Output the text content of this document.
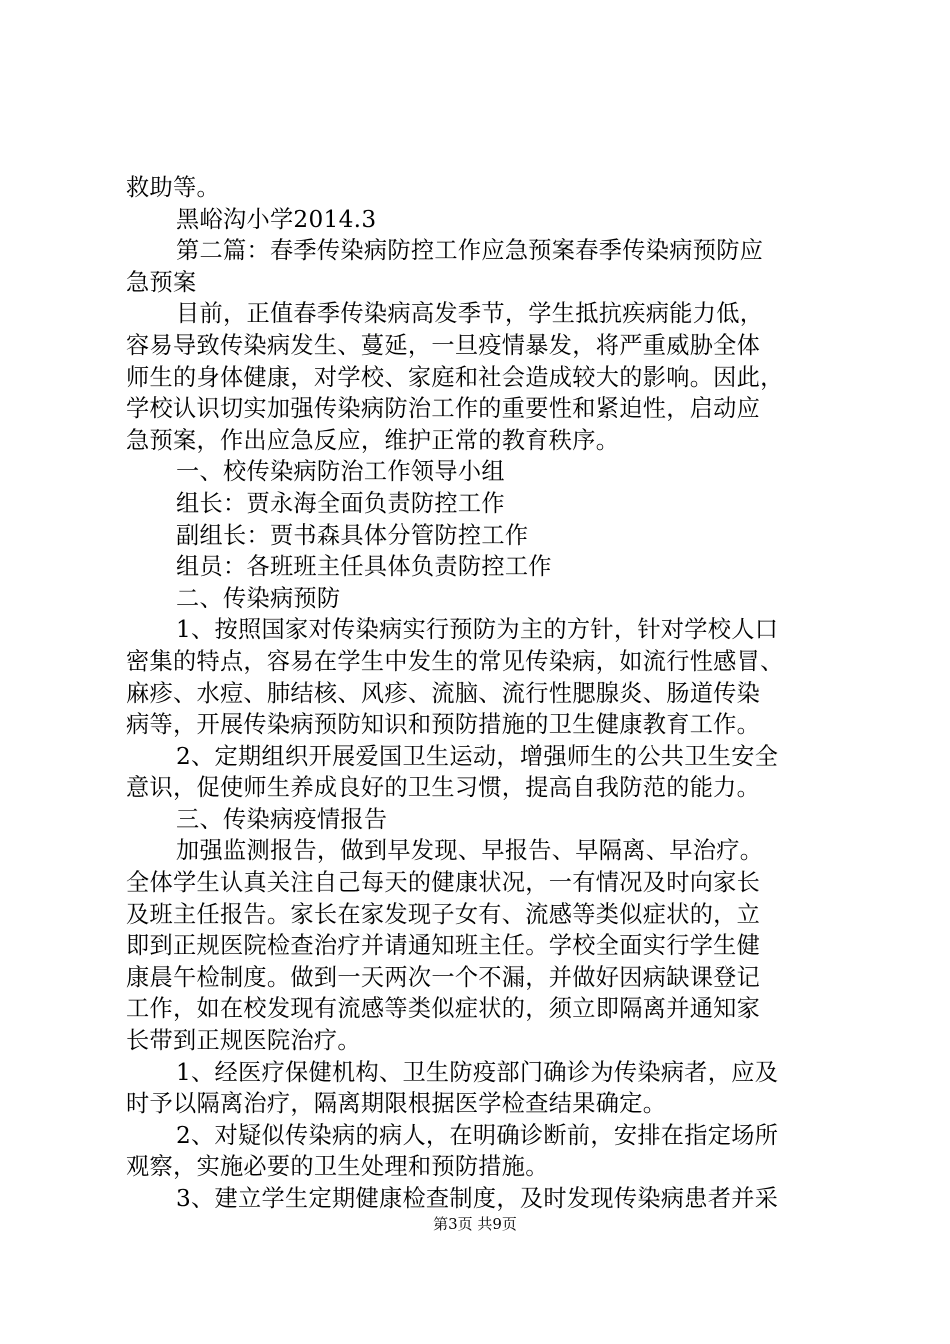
救助等。
黑峪沟小学2014.3
第二篇：春季传染病防控工作应急预案春季传染病预防应
急预案
目前，正值春季传染病高发季节，学生抵抗疾病能力低，
容易导致传染病发生、蔓延，一旦疫情暴发，将严重威胁全体
师生的身体健康，对学校、家庭和社会造成较大的影响。因此，
学校认识切实加强传染病防治工作的重要性和紧迫性，启动应
急预案，作出应急反应，维护正常的教育秩序。
一、校传染病防治工作领导小组
组长：贾永海全面负责防控工作
副组长：贾书森具体分管防控工作
组员：各班班主任具体负责防控工作
二、传染病预防
1、按照国家对传染病实行预防为主的方针，针对学校人口
密集的特点，容易在学生中发生的常见传染病，如流行性感冒、
麻疹、水痘、肺结核、风疹、流脑、流行性腮腺炎、肠道传染
病等，开展传染病预防知识和预防措施的卫生健康教育工作。
2、定期组织开展爱国卫生运动，增强师生的公共卫生安全
意识，促使师生养成良好的卫生习惯，提高自我防范的能力。
三、传染病疫情报告
加强监测报告，做到早发现、早报告、早隔离、早治疗。
全体学生认真关注自己每天的健康状况，一有情况及时向家长
及班主任报告。家长在家发现子女有、流感等类似症状的，立
即到正规医院检查治疗并请通知班主任。学校全面实行学生健
康晨午检制度。做到一天两次一个不漏，并做好因病缺课登记
工作，如在校发现有流感等类似症状的，须立即隔离并通知家
长带到正规医院治疗。
1、经医疗保健机构、卫生防疫部门确诊为传染病者，应及
时予以隔离治疗，隔离期限根据医学检查结果确定。
2、对疑似传染病的病人，在明确诊断前，安排在指定场所
观察，实施必要的卫生处理和预防措施。
3、建立学生定期健康检查制度，及时发现传染病患者并采
第3页 共9页
